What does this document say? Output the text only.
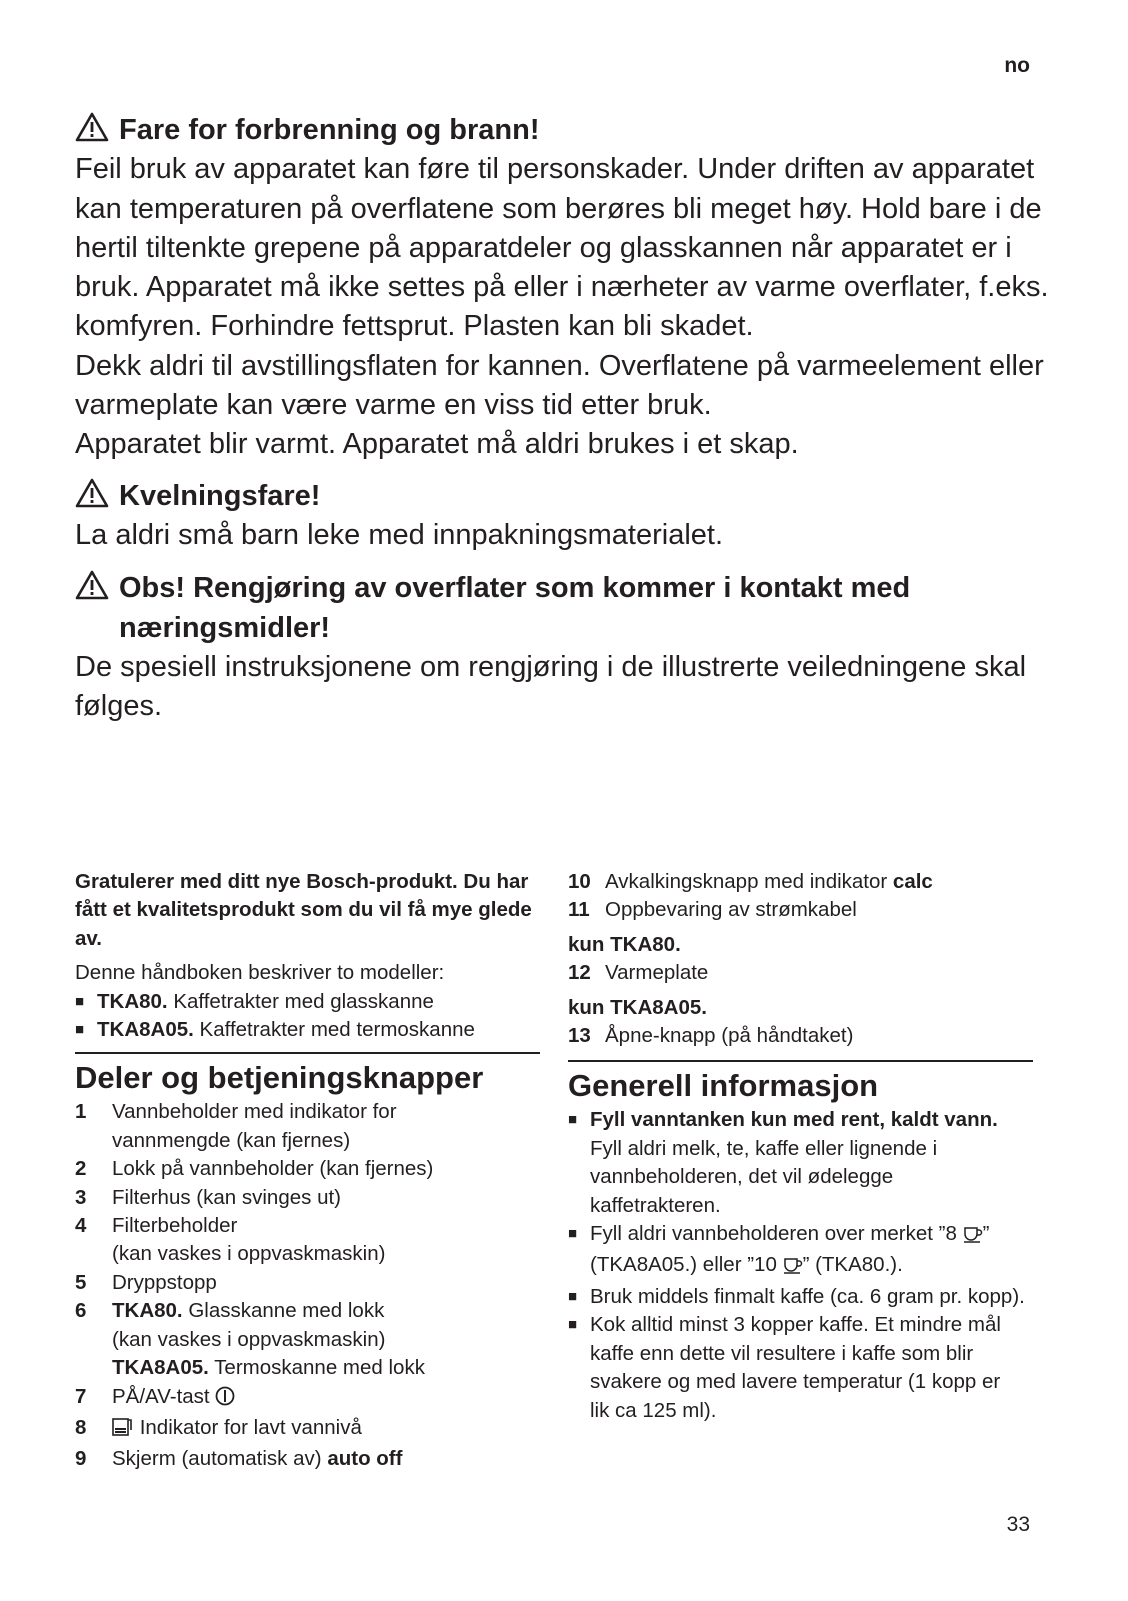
no
Fare for forbrenning og brann!

Feil bruk av apparatet kan føre til personskader. Under driften av apparatet kan temperaturen på overflatene som berøres bli meget høy. Hold bare i de hertil tiltenkte grepene på apparatdeler og glasskannen når apparatet er i bruk. Apparatet må ikke settes på eller i nærheter av varme overflater, f.eks. komfyren. Forhindre fettsprut. Plasten kan bli skadet.

Dekk aldri til avstillingsflaten for kannen. Overflatene på varmeelement eller varmeplate kan være varme en viss tid etter bruk.

Apparatet blir varmt. Apparatet må aldri brukes i et skap.

Kvelningsfare!

La aldri små barn leke med innpakningsmaterialet.

Obs! Rengjøring av overflater som kommer i kontakt med næringsmidler!

De spesiell instruksjonene om rengjøring i de illustrerte veiledningene skal følges.

Gratulerer med ditt nye Bosch-produkt. Du har fått et kvalitetsprodukt som du vil få mye glede av.

Denne håndboken beskriver to modeller:

■ TKA80. Kaffetrakter med glasskanne
■ TKA8A05. Kaffetrakter med termoskanne
Deler og betjeningsknapper
1	Vannbeholder med indikator for vannmengde (kan fjernes)
2	Lokk på vannbeholder (kan fjernes)
3	Filterhus (kan svinges ut)
4	Filterbeholder
(kan vaskes i oppvaskmaskin)
5	Dryppstopp
6	TKA80. Glasskanne med lokk
(kan vaskes i oppvaskmaskin)
TKA8A05. Termoskanne med lokk
7	PÅ/AV-tast
8	Indikator for lavt vannivå
9	Skjerm (automatisk av) auto off
10 Avkalkingsknapp med indikator calc
11 Oppbevaring av strømkabel

kun TKA80.

12 Varmeplate

kun TKA8A05.

13 Åpne-knapp (på håndtaket)
Generell informasjon
■ Fyll vanntanken kun med rent, kaldt vann. Fyll aldri melk, te, kaffe eller lignende i vannbeholderen, det vil ødelegge kaffetrakteren.
■ Fyll aldri vannbeholderen over merket ”8 ” (TKA8A05.) eller ”10 ” (TKA80.).
■ Bruk middels finmalt kaffe (ca. 6 gram pr. kopp).
■ Kok alltid minst 3 kopper kaffe. Et mindre mål kaffe enn dette vil resultere i kaffe som blir svakere og med lavere temperatur (1 kopp er lik ca 125 ml).
33
